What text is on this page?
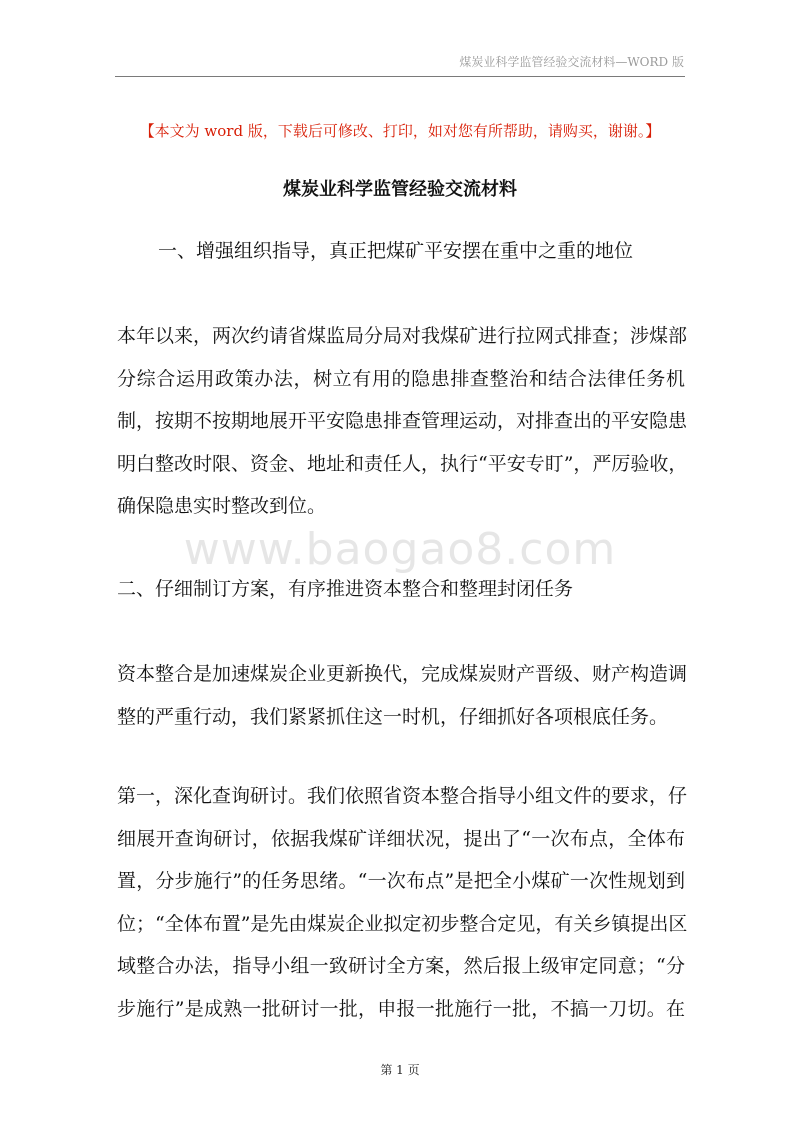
煤炭业科学监管经验交流材料—WORD 版
【本文为 word 版，下载后可修改、打印，如对您有所帮助，请购买，谢谢。】
煤炭业科学监管经验交流材料
一、增强组织指导，真正把煤矿平安摆在重中之重的地位
本年以来，两次约请省煤监局分局对我煤矿进行拉网式排查；涉煤部
分综合运用政策办法，树立有用的隐患排查整治和结合法律任务机
制，按期不按期地展开平安隐患排查管理运动，对排查出的平安隐患
明白整改时限、资金、地址和责任人，执行“平安专盯”，严厉验收，
确保隐患实时整改到位。
www.baogao8.com
二、仔细制订方案，有序推进资本整合和整理封闭任务
资本整合是加速煤炭企业更新换代，完成煤炭财产晋级、财产构造调
整的严重行动，我们紧紧抓住这一时机，仔细抓好各项根底任务。
第一，深化查询研讨。我们依照省资本整合指导小组文件的要求，仔
细展开查询研讨，依据我煤矿详细状况，提出了“一次布点，全体布
置，分步施行”的任务思绪。“一次布点”是把全小煤矿一次性规划到
位；“全体布置”是先由煤炭企业拟定初步整合定见，有关乡镇提出区
域整合办法，指导小组一致研讨全方案，然后报上级审定同意；“分
步施行”是成熟一批研讨一批，申报一批施行一批，不搞一刀切。在
第 1 页
